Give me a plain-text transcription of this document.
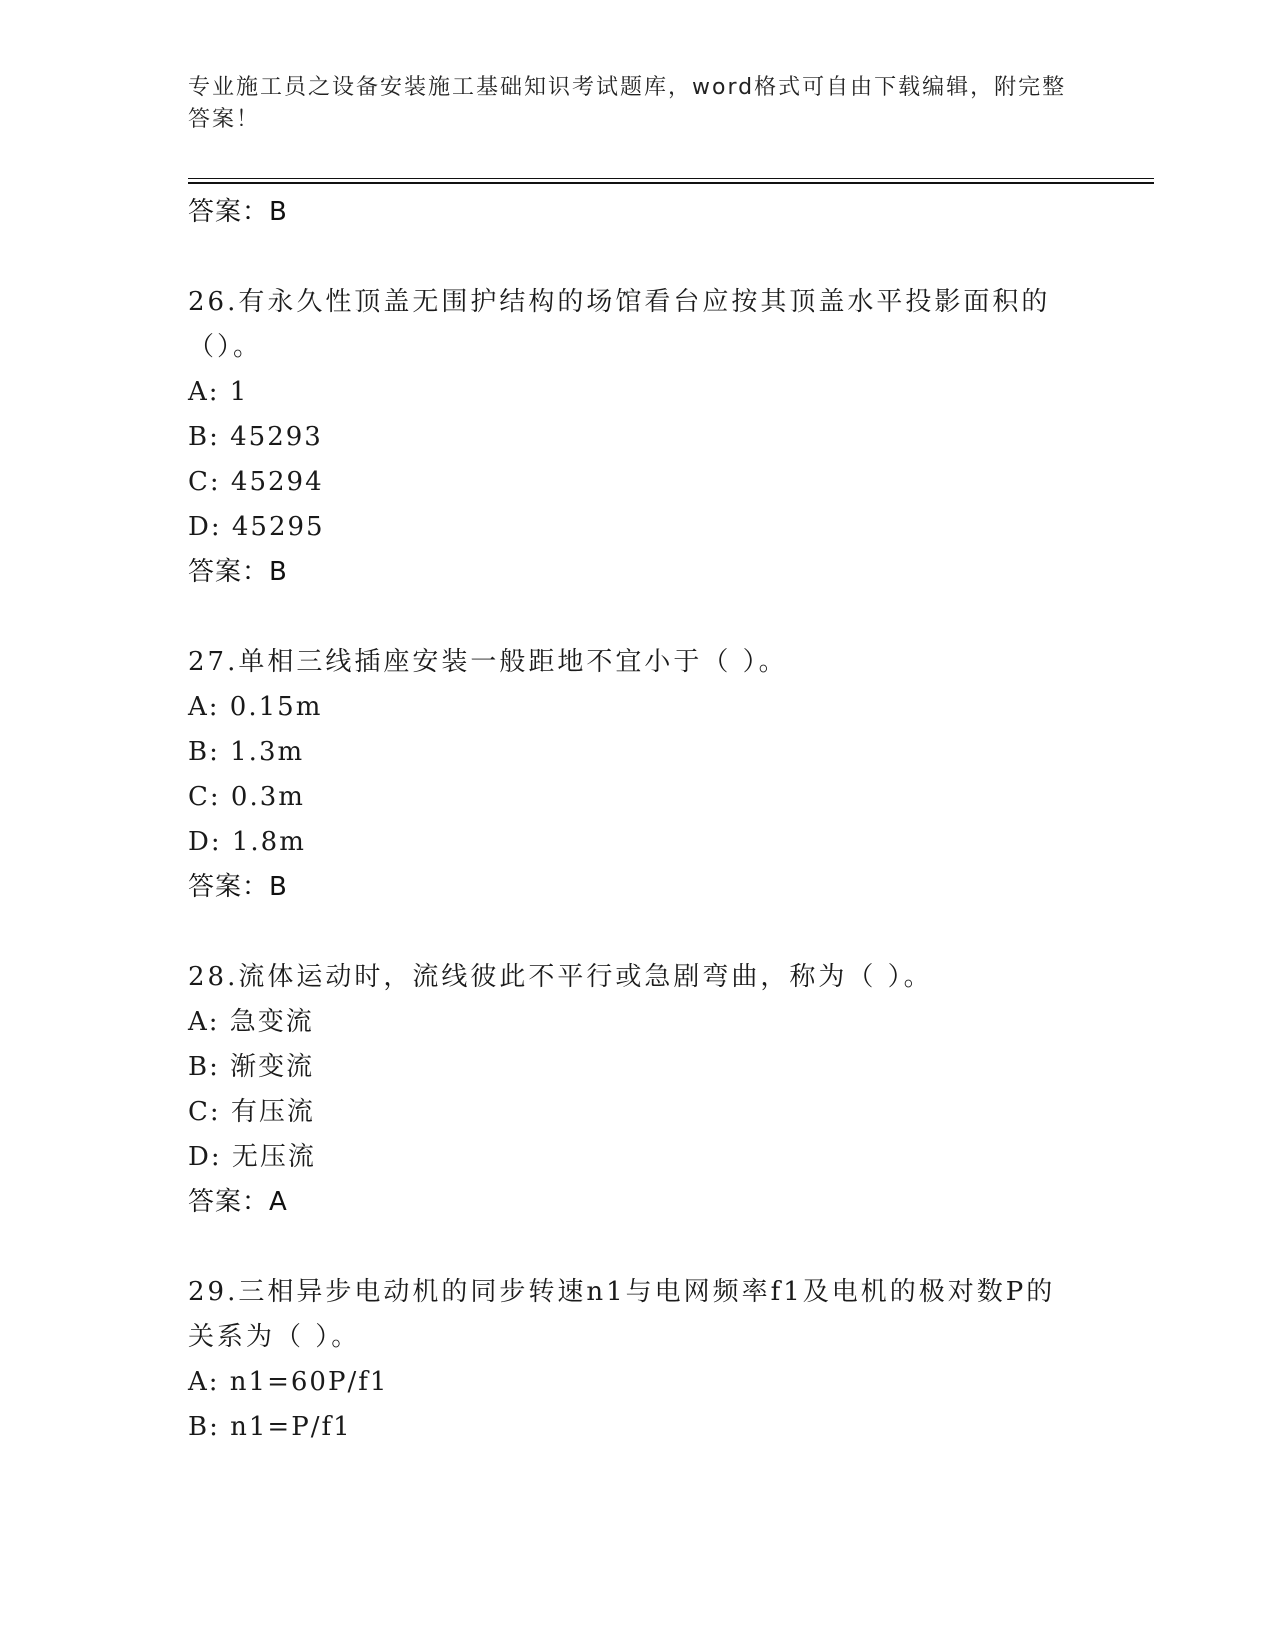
专业施工员之设备安装施工基础知识考试题库，word格式可自由下载编辑，附完整答案！
答案：B
26.有永久性顶盖无围护结构的场馆看台应按其顶盖水平投影面积的（）。
A: 1
B: 45293
C: 45294
D: 45295
答案：B
27.单相三线插座安装一般距地不宜小于（ ）。
A: 0.15m
B: 1.3m
C: 0.3m
D: 1.8m
答案：B
28.流体运动时，流线彼此不平行或急剧弯曲，称为（ ）。
A: 急变流
B: 渐变流
C: 有压流
D: 无压流
答案：A
29.三相异步电动机的同步转速n1与电网频率f1及电机的极对数P的关系为（ ）。
A: n1=60P/f1
B: n1=P/f1
